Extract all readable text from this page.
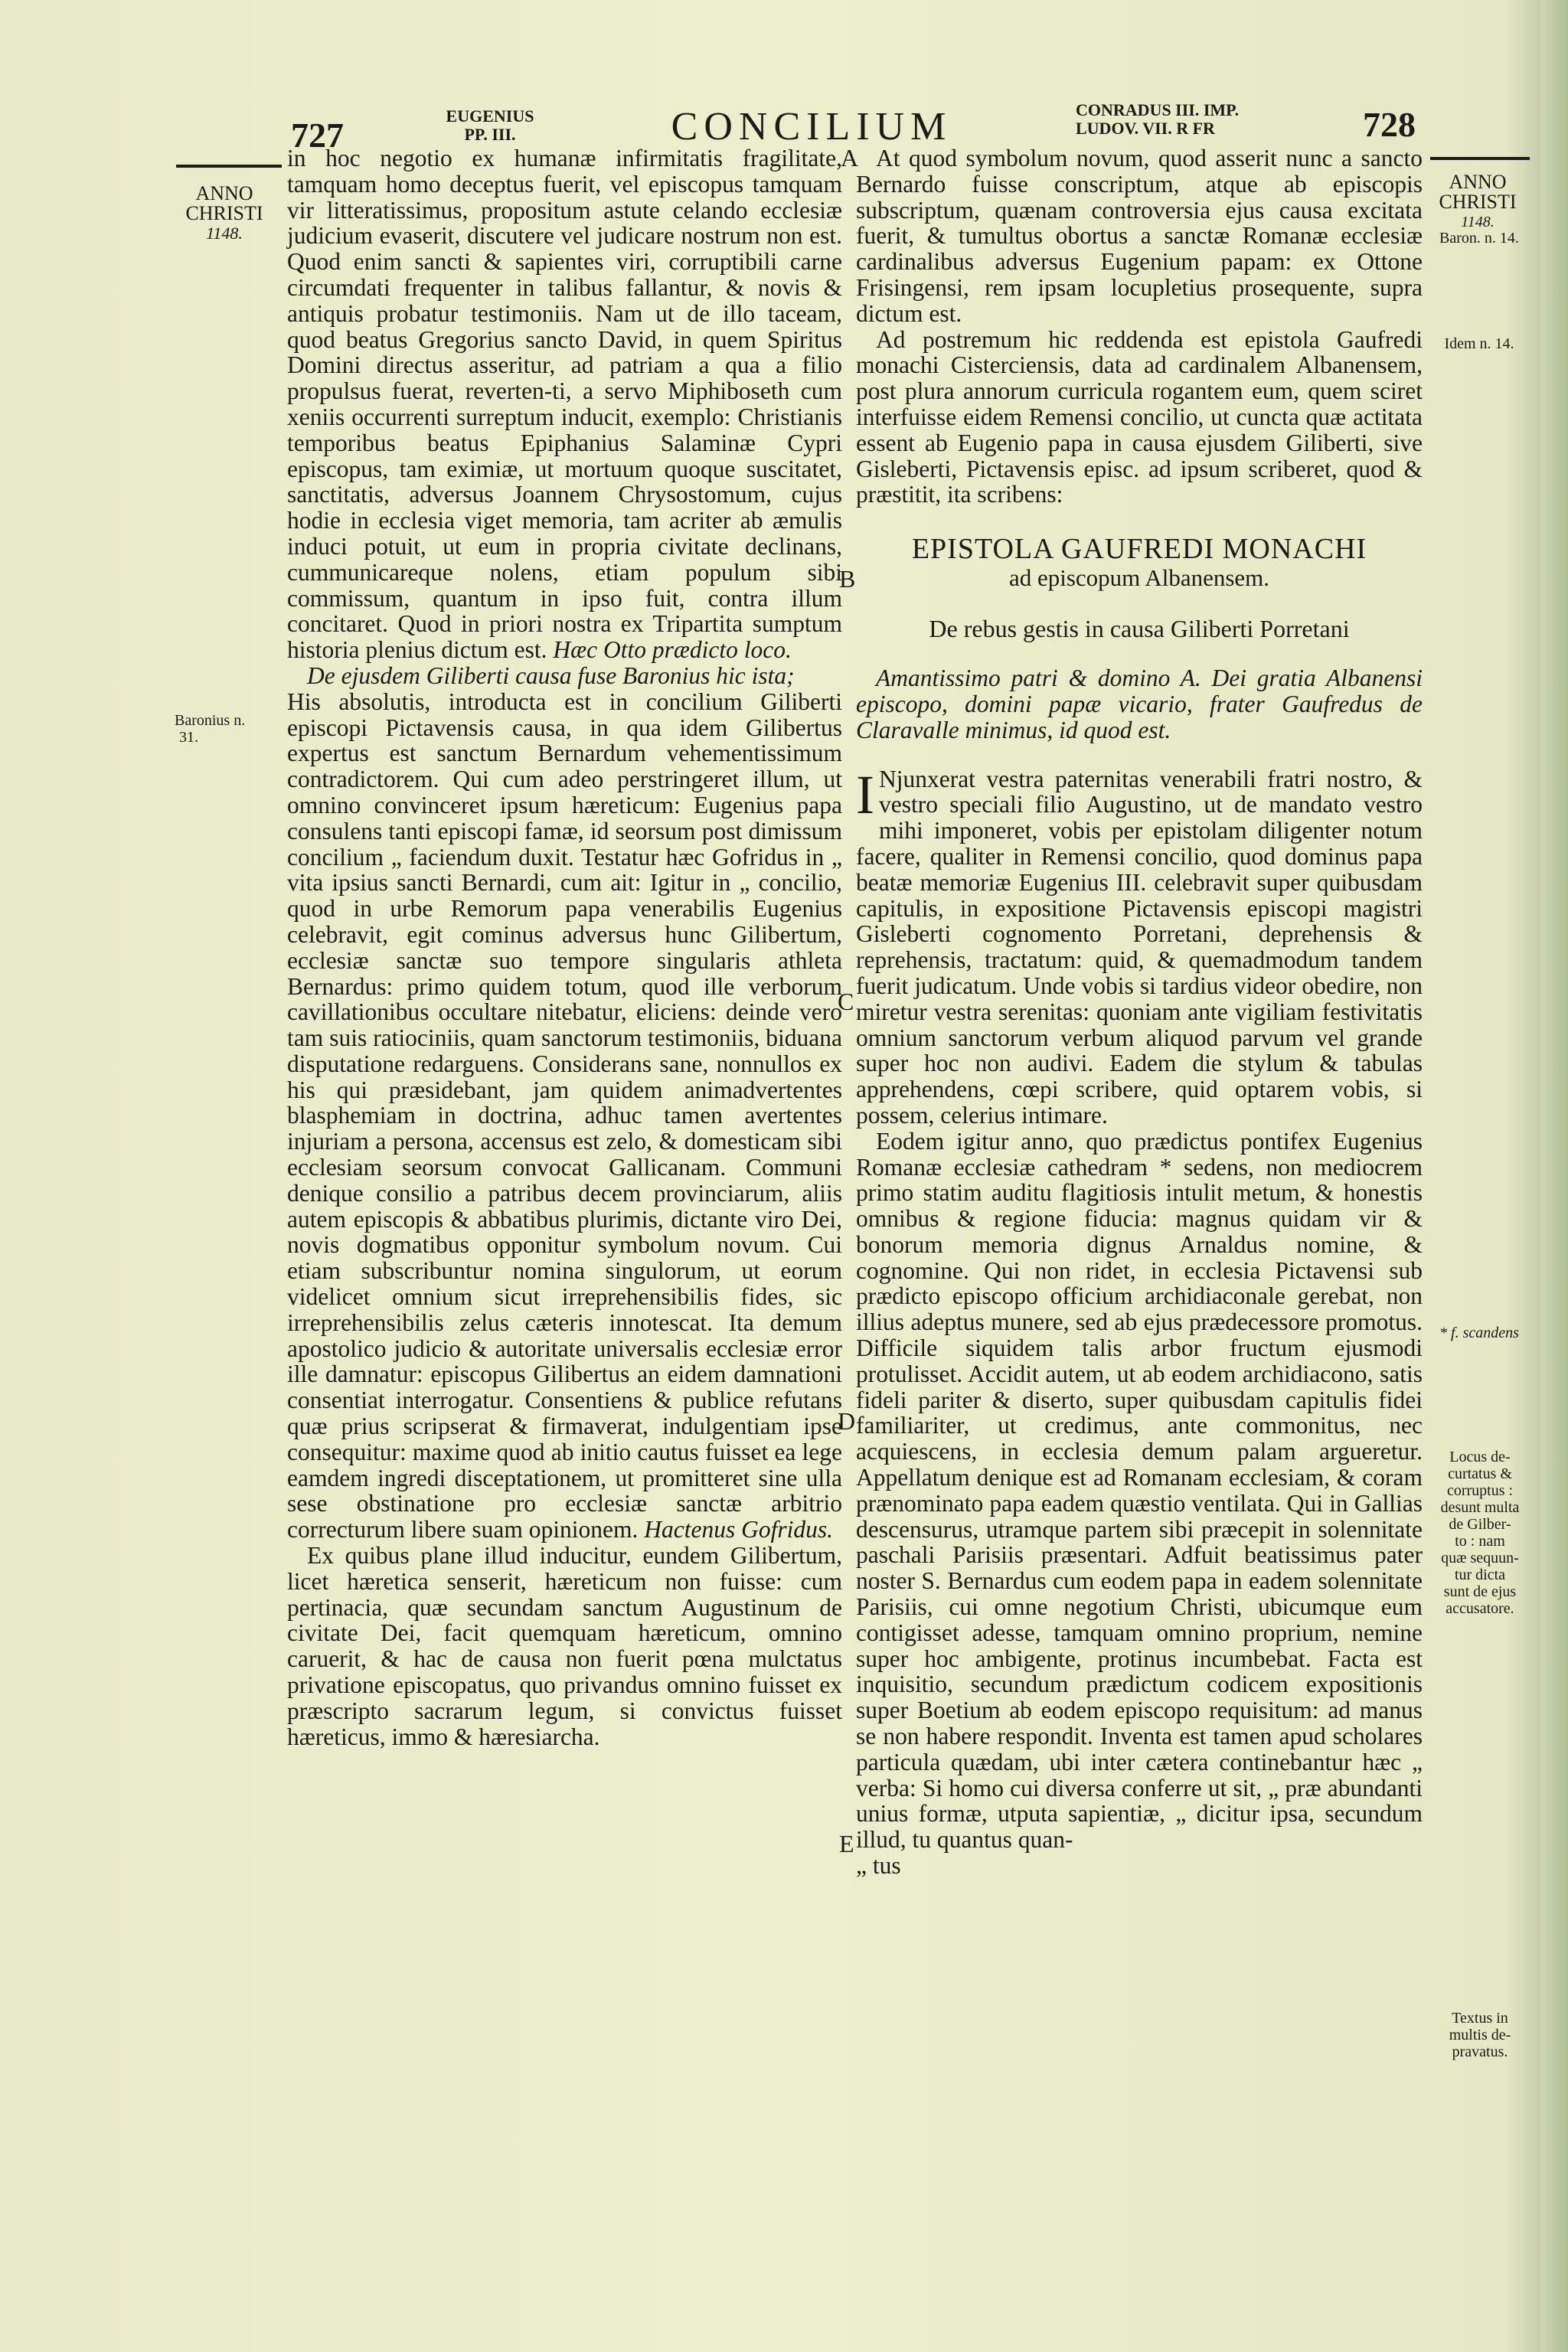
727	EUGENIUS
PP. III.	CONCILIUM	CONRADUS III. IMP.
LUDOV. VII. R FR	728
ANNO
CHRISTI
1148.
Baronius n.
31.
ANNO
CHRISTI
1148.
Baron. n. 14.
Idem n. 14.
* f. scandens
Locus de-
curtatus &
corruptus :
desunt multa
de Gilber-
to : nam
quæ sequun-
tur dicta
sunt de ejus
accusatore.
Textus in
multis de-
pravatus.
A
B
C
D
E

in hoc negotio ex humanæ infirmitatis fragilitate, tamquam homo deceptus fuerit, vel episcopus tamquam vir litteratissimus, propositum astute celando ecclesiæ judicium evaserit, discutere vel judicare nostrum non est. Quod enim sancti & sapientes viri, corruptibili carne circumdati frequenter in talibus fallantur, & novis & antiquis probatur testimoniis. Nam ut de illo taceam, quod beatus Gregorius sancto David, in quem Spiritus Domini directus asseritur, ad patriam a qua a filio propulsus fuerat, reverten-ti, a servo Miphiboseth cum xeniis occurrenti surreptum inducit, exemplo: Christianis temporibus beatus Epiphanius Salaminæ Cypri episcopus, tam eximiæ, ut mortuum quoque suscitatet, sanctitatis, adversus Joannem Chrysostomum, cujus hodie in ecclesia viget memoria, tam acriter ab æmulis induci potuit, ut eum in propria civitate declinans, cummunicareque nolens, etiam populum sibi commissum, quantum in ipso fuit, contra illum concitaret. Quod in priori nostra ex Tripartita sumptum historia plenius dictum est. Hæc Otto prædicto loco.

De ejusdem Giliberti causa fuse Baronius hic ista;

His absolutis, introducta est in concilium Giliberti episcopi Pictavensis causa, in qua idem Gilibertus expertus est sanctum Bernardum vehementissimum contradictorem. Qui cum adeo perstringeret illum, ut omnino convinceret ipsum hæreticum: Eugenius papa consulens tanti episcopi famæ, id seorsum post dimissum concilium „ faciendum duxit. Testatur hæc Gofridus in „ vita ipsius sancti Bernardi, cum ait: Igitur in „ concilio, quod in urbe Remorum papa venerabilis Eugenius celebravit, egit cominus adversus hunc Gilibertum, ecclesiæ sanctæ suo tempore singularis athleta Bernardus: primo quidem totum, quod ille verborum cavillationibus occultare nitebatur, eliciens: deinde vero tam suis ratiociniis, quam sanctorum testimoniis, biduana disputatione redarguens. Considerans sane, nonnullos ex his qui præsidebant, jam quidem animadvertentes blasphemiam in doctrina, adhuc tamen avertentes injuriam a persona, accensus est zelo, & domesticam sibi ecclesiam seorsum convocat Gallicanam. Communi denique consilio a patribus decem provinciarum, aliis autem episcopis & abbatibus plurimis, dictante viro Dei, novis dogmatibus opponitur symbolum novum. Cui etiam subscribuntur nomina singulorum, ut eorum videlicet omnium sicut irreprehensibilis fides, sic irreprehensibilis zelus cæteris innotescat. Ita demum apostolico judicio & autoritate universalis ecclesiæ error ille damnatur: episcopus Gilibertus an eidem damnationi consentiat interrogatur. Consentiens & publice refutans quæ prius scripserat & firmaverat, indulgentiam ipse consequitur: maxime quod ab initio cautus fuisset ea lege eamdem ingredi disceptationem, ut promitteret sine ulla sese obstinatione pro ecclesiæ sanctæ arbitrio correcturum libere suam opinionem. Hactenus Gofridus.

Ex quibus plane illud inducitur, eundem Gilibertum, licet hæretica senserit, hæreticum non fuisse: cum pertinacia, quæ secundam sanctum Augustinum de civitate Dei, facit quemquam hæreticum, omnino caruerit, & hac de causa non fuerit pœna mulctatus privatione episcopatus, quo privandus omnino fuisset ex præscripto sacrarum legum, si convictus fuisset hæreticus, immo & hæresiarcha.

At quod symbolum novum, quod asserit nunc a sancto Bernardo fuisse conscriptum, atque ab episcopis subscriptum, quænam controversia ejus causa excitata fuerit, & tumultus obortus a sanctæ Romanæ ecclesiæ cardinalibus adversus Eugenium papam: ex Ottone Frisingensi, rem ipsam locupletius prosequente, supra dictum est.

Ad postremum hic reddenda est epistola Gaufredi monachi Cisterciensis, data ad cardinalem Albanensem, post plura annorum curricula rogantem eum, quem sciret interfuisse eidem Remensi concilio, ut cuncta quæ actitata essent ab Eugenio papa in causa ejusdem Giliberti, sive Gisleberti, Pictavensis episc. ad ipsum scriberet, quod & præstitit, ita scribens:

EPISTOLA GAUFREDI MONACHI
ad episcopum Albanensem.
De rebus gestis in causa Giliberti Porretani

Amantissimo patri & domino A. Dei gratia Albanensi episcopo, domini papæ vicario, frater Gaufredus de Claravalle minimus, id quod est.

I Njunxerat vestra paternitas venerabili fratri nostro, & vestro speciali filio Augustino, ut de mandato vestro mihi imponeret, vobis per epistolam diligenter notum facere, qualiter in Remensi concilio, quod dominus papa beatæ memoriæ Eugenius III. celebravit super quibusdam capitulis, in expositione Pictavensis episcopi magistri Gisleberti cognomento Porretani, deprehensis & reprehensis, tractatum: quid, & quemadmodum tandem fuerit judicatum. Unde vobis si tardius videor obedire, non miretur vestra serenitas: quoniam ante vigiliam festivitatis omnium sanctorum verbum aliquod parvum vel grande super hoc non audivi. Eadem die stylum & tabulas apprehendens, cœpi scribere, quid optarem vobis, si possem, celerius intimare.

Eodem igitur anno, quo prædictus pontifex Eugenius Romanæ ecclesiæ cathedram * sedens, non mediocrem primo statim auditu flagitiosis intulit metum, & honestis omnibus & regione fiducia: magnus quidam vir & bonorum memoria dignus Arnaldus nomine, & cognomine. Qui non ridet, in ecclesia Pictavensi sub prædicto episcopo officium archidiaconale gerebat, non illius adeptus munere, sed ab ejus prædecessore promotus. Difficile siquidem talis arbor fructum ejusmodi protulisset. Accidit autem, ut ab eodem archidiacono, satis fideli pariter & diserto, super quibusdam capitulis fidei familiariter, ut credimus, ante commonitus, nec acquiescens, in ecclesia demum palam argueretur. Appellatum denique est ad Romanam ecclesiam, & coram prænominato papa eadem quæstio ventilata. Qui in Gallias descensurus, utramque partem sibi præcepit in solennitate paschali Parisiis præsentari. Adfuit beatissimus pater noster S. Bernardus cum eodem papa in eadem solennitate Parisiis, cui omne negotium Christi, ubicumque eum contigisset adesse, tamquam omnino proprium, nemine super hoc ambigente, protinus incumbebat. Facta est inquisitio, secundum prædictum codicem expositionis super Boetium ab eodem episcopo requisitum: ad manus se non habere respondit. Inventa est tamen apud scholares particula quædam, ubi inter cætera continebantur hæc „ verba: Si homo cui diversa conferre ut sit, „ præ abundanti unius formæ, utputa sapientiæ, „ dicitur ipsa, secundum illud, tu quantus quan-

„ tus
